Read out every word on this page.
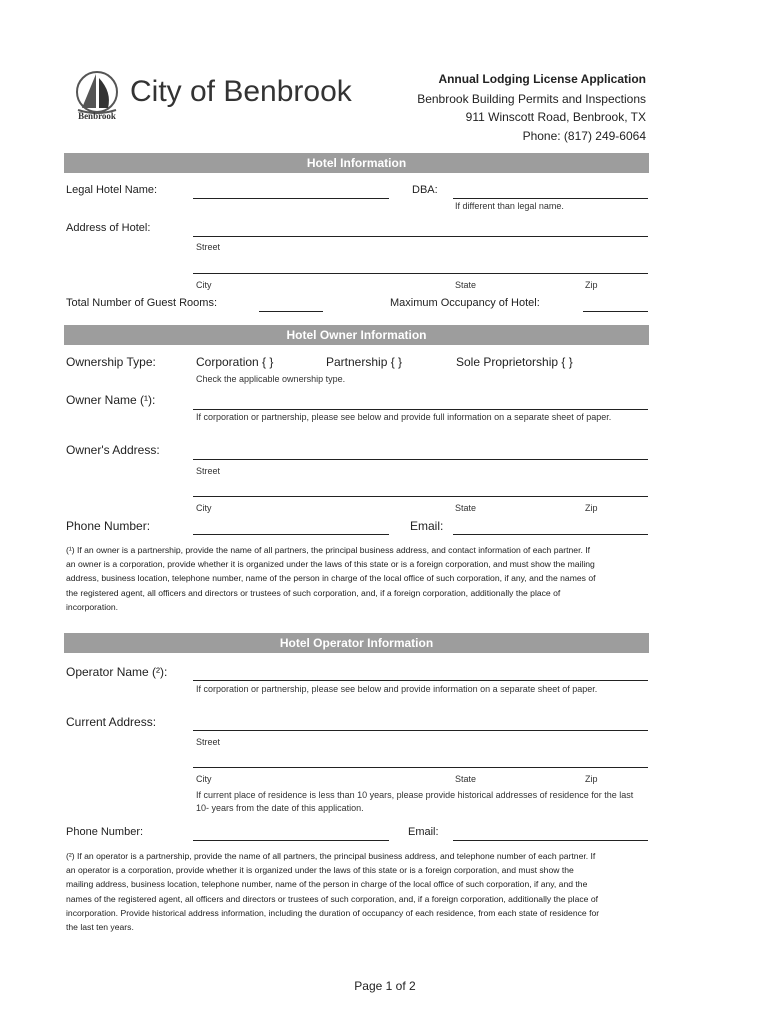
Benbrook
City of Benbrook	Annual Lodging License Application
Benbrook Building Permits and Inspections
911 Winscott Road, Benbrook, TX
Phone: (817) 249-6064
Hotel Information
Legal Hotel Name:	DBA:
If different than legal name.
Address of Hotel:
Street
City	State	Zip
Total Number of Guest Rooms:	Maximum Occupancy of Hotel:
Hotel Owner Information
Ownership Type:	Corporation { }	Partnership { }	Sole Proprietorship { }
Check the applicable ownership type.
Owner Name (¹):
If corporation or partnership, please see below and provide full information on a separate sheet of paper.
Owner's Address:
Street
City	State	Zip
Phone Number:	Email:
(¹) If an owner is a partnership, provide the name of all partners, the principal business address, and contact information of each partner. If
an owner is a corporation, provide whether it is organized under the laws of this state or is a foreign corporation, and must show the mailing
address, business location, telephone number, name of the person in charge of the local office of such corporation, if any, and the names of
the registered agent, all officers and directors or trustees of such corporation, and, if a foreign corporation, additionally the place of
incorporation.
Hotel Operator Information
Operator Name (²):
If corporation or partnership, please see below and provide information on a separate sheet of paper.
Current Address:
Street
City	State	Zip
If current place of residence is less than 10 years, please provide historical addresses of residence for the last
10- years from the date of this application.
Phone Number:	Email:
(²) If an operator is a partnership, provide the name of all partners, the principal business address, and telephone number of each partner. If
an operator is a corporation, provide whether it is organized under the laws of this state or is a foreign corporation, and must show the
mailing address, business location, telephone number, name of the person in charge of the local office of such corporation, if any, and the
names of the registered agent, all officers and directors or trustees of such corporation, and, if a foreign corporation, additionally the place of
incorporation. Provide historical address information, including the duration of occupancy of each residence, from each state of residence for
the last ten years.
Page 1 of 2
